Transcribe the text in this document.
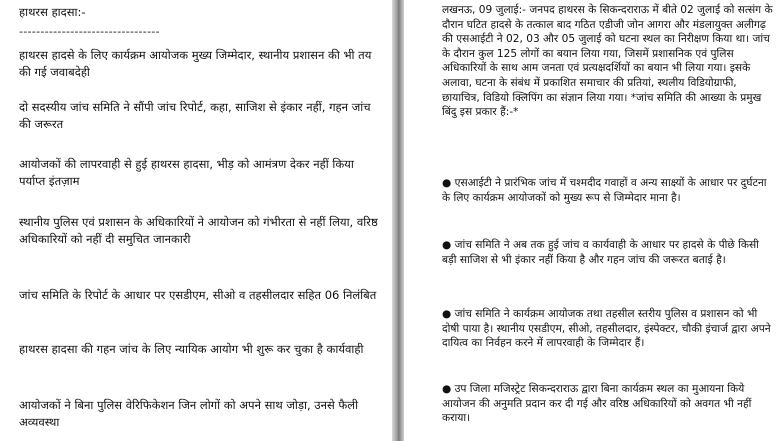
हाथरस हादसा:-
---------------------------------

हाथरस हादसे के लिए कार्यक्रम आयोजक मुख्य जिम्मेदार, स्थानीय प्रशासन की भी तय की गई जवाबदेही

दो सदस्यीय जांच समिति ने सौंपी जांच रिपोर्ट, कहा, साजिश से इंकार नहीं, गहन जांच की जरूरत

आयोजकों की लापरवाही से हुई हाथरस हादसा, भीड़ को आमंत्रण देकर नहीं किया पर्याप्त इंतज़ाम

स्थानीय पुलिस एवं प्रशासन के अधिकारियों ने आयोजन को गंभीरता से नहीं लिया, वरिष्ठ अधिकारियों को नहीं दी समुचित जानकारी

जांच समिति के रिपोर्ट के आधार पर एसडीएम, सीओ व तहसीलदार सहित 06 निलंबित

हाथरस हादसा की गहन जांच के लिए न्यायिक आयोग भी शुरू कर चुका है कार्यवाही

आयोजकों ने बिना पुलिस वेरिफिकेशन जिन लोगों को अपने साथ जोड़ा, उनसे फैली अव्यवस्था

लखनऊ, 09 जुलाई:- जनपद हाथरस के सिकन्दराराऊ में बीते 02 जुलाई को सत्संग के दौरान घटित हादसे के तत्काल बाद गठित एडीजी जोन आगरा और मंडलायुक्त अलीगढ़ की एसआईटी ने 02, 03 और 05 जुलाई को घटना स्थल का निरीक्षण किया था। जांच के दौरान कुल 125 लोगों का बयान लिया गया, जिसमें प्रशासनिक एवं पुलिस अधिकारियों के साथ आम जनता एवं प्रत्यक्षदर्शियों का बयान भी लिया गया। इसके अलावा, घटना के संबंध में प्रकाशित समाचार की प्रतियां, स्थलीय विडियोग्राफी, छायाचित्र, विडियो क्लिपिंग का संज्ञान लिया गया। *जांच समिति की आख्या के प्रमुख बिंदु इस प्रकार हैं:-*

● एसआईटी ने प्रारंभिक जांच में चश्मदीद गवाहों व अन्य साक्ष्यों के आधार पर दुर्घटना के लिए कार्यक्रम आयोजकों को मुख्य रूप से जिम्मेदार माना है।

● जांच समिति ने अब तक हुई जांच व कार्यवाही के आधार पर हादसे के पीछे किसी बड़ी साजिश से भी इंकार नहीं किया है और गहन जांच की जरूरत बताई है।

● जांच समिति ने कार्यक्रम आयोजक तथा तहसील स्तरीय पुलिस व प्रशासन को भी दोषी पाया है। स्थानीय एसडीएम, सीओ, तहसीलदार, इंस्पेक्टर, चौकी इंचार्ज द्वारा अपने दायित्व का निर्वहन करने में लापरवाही के जिम्मेदार हैं।

● उप जिला मजिस्ट्रेट सिकन्दराराऊ द्वारा बिना कार्यक्रम स्थल का मुआयना किये आयोजन की अनुमति प्रदान कर दी गई और वरिष्ठ अधिकारियों को अवगत भी नहीं कराया।
